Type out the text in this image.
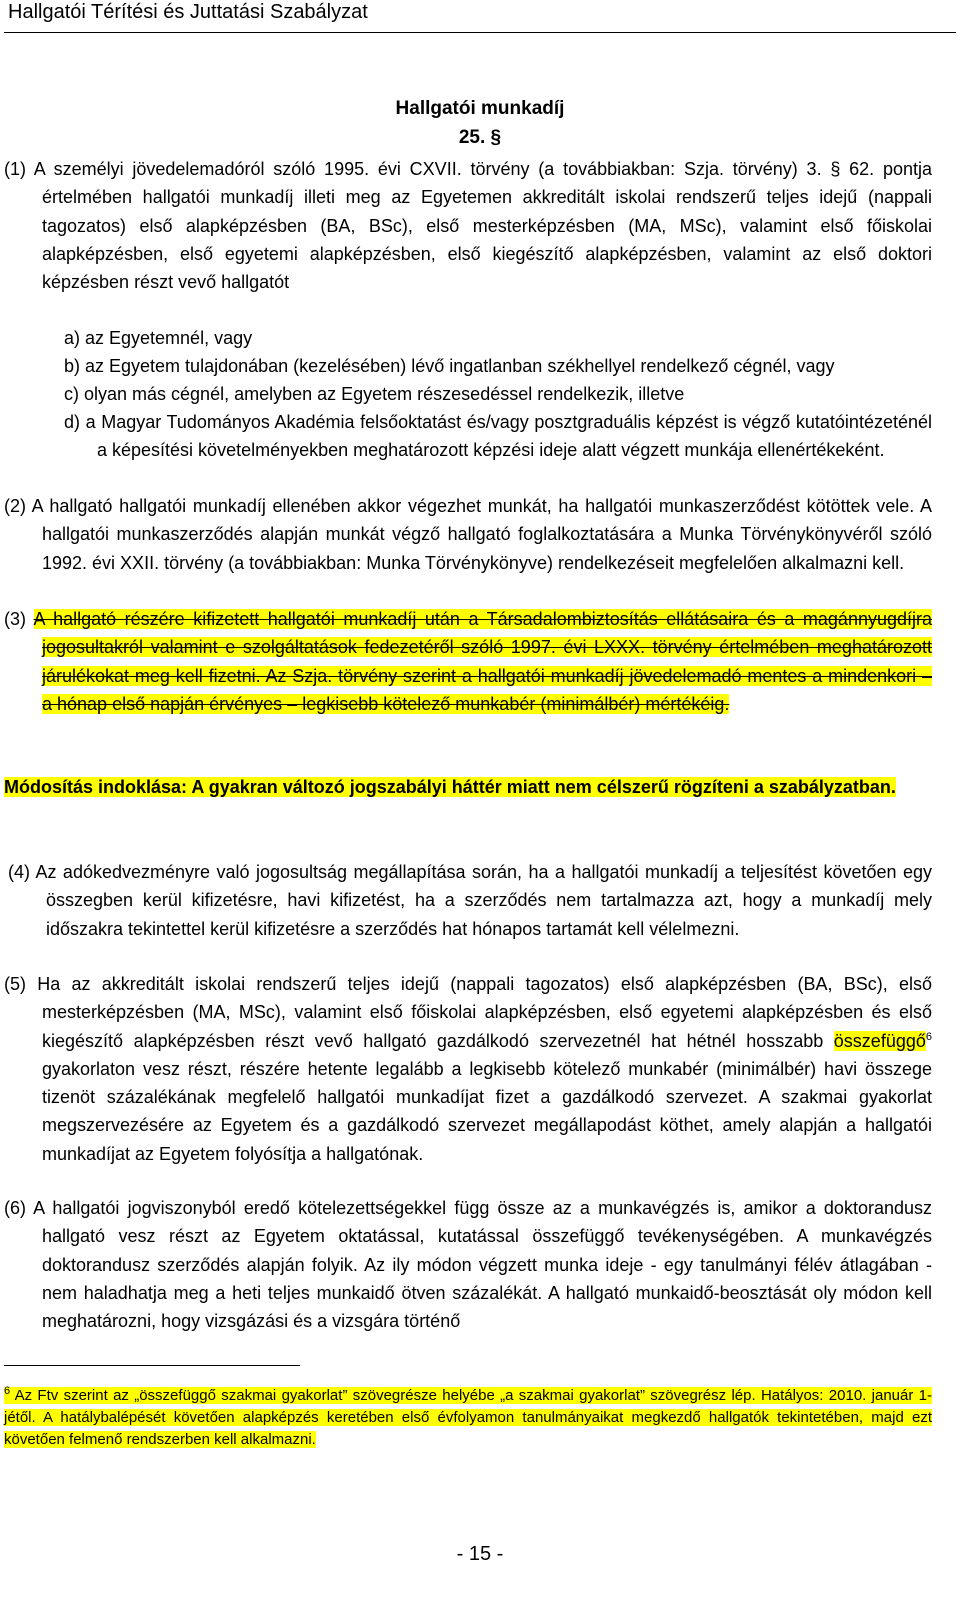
Hallgatói Térítési és Juttatási Szabályzat
Hallgatói munkadíj
25. §
(1) A személyi jövedelemadóról szóló 1995. évi CXVII. törvény (a továbbiakban: Szja. törvény) 3. § 62. pontja értelmében hallgatói munkadíj illeti meg az Egyetemen akkreditált iskolai rendszerű teljes idejű (nappali tagozatos) első alapképzésben (BA, BSc), első mesterképzésben (MA, MSc), valamint első főiskolai alapképzésben, első egyetemi alapképzésben, első kiegészítő alapképzésben, valamint az első doktori képzésben részt vevő hallgatót
a) az Egyetemnél, vagy
b) az Egyetem tulajdonában (kezelésében) lévő ingatlanban székhellyel rendelkező cégnél, vagy
c) olyan más cégnél, amelyben az Egyetem részesedéssel rendelkezik, illetve
d) a Magyar Tudományos Akadémia felsőoktatást és/vagy posztgraduális képzést is végző kutatóintézeténél a képesítési követelményekben meghatározott képzési ideje alatt végzett munkája ellenértékeként.
(2) A hallgató hallgatói munkadíj ellenében akkor végezhet munkát, ha hallgatói munkaszerződést kötöttek vele. A hallgatói munkaszerződés alapján munkát végző hallgató foglalkoztatására a Munka Törvénykönyvéről szóló 1992. évi XXII. törvény (a továbbiakban: Munka Törvénykönyve) rendelkezéseit megfelelően alkalmazni kell.
(3) A hallgató részére kifizetett hallgatói munkadíj után a Társadalombiztosítás ellátásaira és a magánnyugdíjra jogosultakról valamint e szolgáltatások fedezetéről szóló 1997. évi LXXX. törvény értelmében meghatározott járulékokat meg kell fizetni. Az Szja. törvény szerint a hallgatói munkadíj jövedelemadó mentes a mindenkori – a hónap első napján érvényes – legkisebb kötelező munkabér (minimálbér) mértékéig.
Módosítás indoklása: A gyakran változó jogszabályi háttér miatt nem célszerű rögzíteni a szabályzatban.
(4) Az adókedvezményre való jogosultság megállapítása során, ha a hallgatói munkadíj a teljesítést követően egy összegben kerül kifizetésre, havi kifizetést, ha a szerződés nem tartalmazza azt, hogy a munkadíj mely időszakra tekintettel kerül kifizetésre a szerződés hat hónapos tartamát kell vélelmezni.
(5) Ha az akkreditált iskolai rendszerű teljes idejű (nappali tagozatos) első alapképzésben (BA, BSc), első mesterképzésben (MA, MSc), valamint első főiskolai alapképzésben, első egyetemi alapképzésben és első kiegészítő alapképzésben részt vevő hallgató gazdálkodó szervezetnél hat hétnél hosszabb összefüggő$^6$ gyakorlaton vesz részt, részére hetente legalább a legkisebb kötelező munkabér (minimálbér) havi összege tizenöt százalékának megfelelő hallgatói munkadíjat fizet a gazdálkodó szervezet. A szakmai gyakorlat megszervezésére az Egyetem és a gazdálkodó szervezet megállapodást köthet, amely alapján a hallgatói munkadíjat az Egyetem folyósítja a hallgatónak.
(6) A hallgatói jogviszonyból eredő kötelezettségekkel függ össze az a munkavégzés is, amikor a doktorandusz hallgató vesz részt az Egyetem oktatással, kutatással összefüggő tevékenységében. A munkavégzés doktorandusz szerződés alapján folyik. Az ily módon végzett munka ideje - egy tanulmányi félév átlagában - nem haladhatja meg a heti teljes munkaidő ötven százalékát. A hallgató munkaidő-beosztását oly módon kell meghatározni, hogy vizsgázási és a vizsgára történő
$^6$ Az Ftv szerint az „összefüggő szakmai gyakorlat” szövegrésze helyébe „a szakmai gyakorlat” szövegrész lép. Hatályos: 2010. január 1-jétől. A hatálybalépését követően alapképzés keretében első évfolyamon tanulmányaikat megkezdő hallgatók tekintetében, majd ezt követően felmenő rendszerben kell alkalmazni.
- 15 -
